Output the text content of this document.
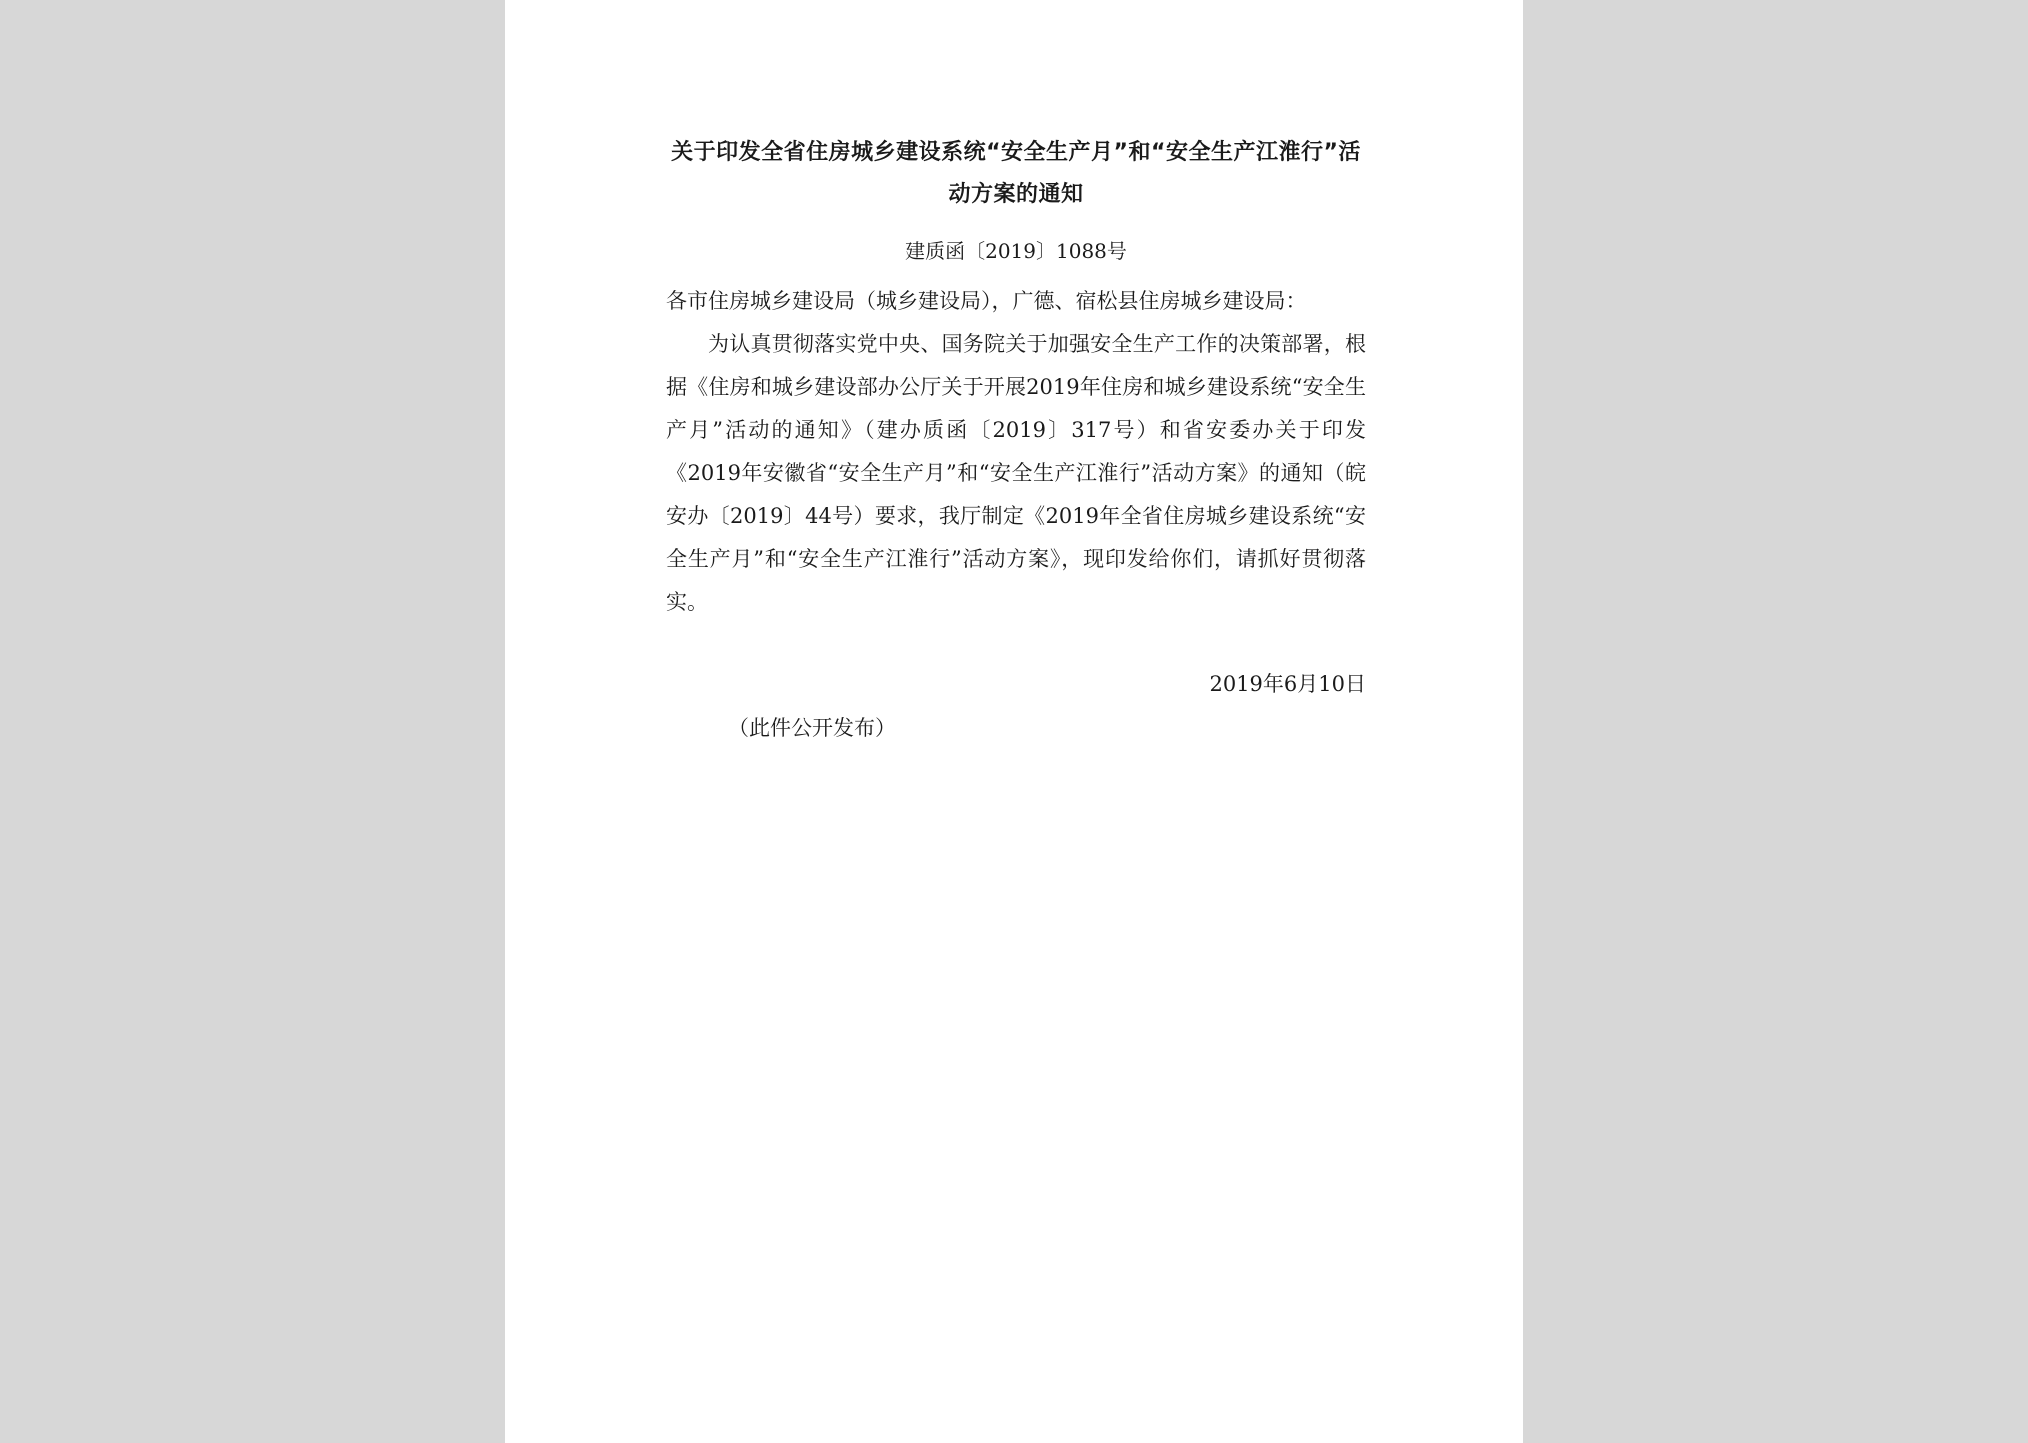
关于印发全省住房城乡建设系统“安全生产月”和“安全生产江淮行”活动方案的通知
建质函〔2019〕1088号

各市住房城乡建设局（城乡建设局），广德、宿松县住房城乡建设局：

为认真贯彻落实党中央、国务院关于加强安全生产工作的决策部署，根据《住房和城乡建设部办公厅关于开展2019年住房和城乡建设系统“安全生产月”活动的通知》（建办质函〔2019〕317号）和省安委办关于印发《2019年安徽省“安全生产月”和“安全生产江淮行”活动方案》的通知（皖安办〔2019〕44号）要求，我厅制定《2019年全省住房城乡建设系统“安全生产月”和“安全生产江淮行”活动方案》，现印发给你们，请抓好贯彻落实。

2019年6月10日
（此件公开发布）
